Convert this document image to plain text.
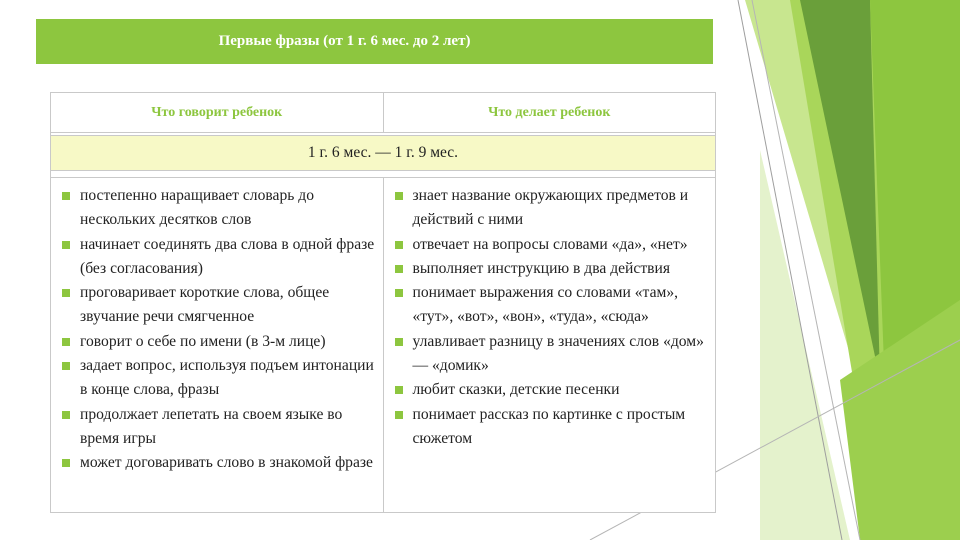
Первые фразы (от 1 г. 6 мес. до 2 лет)
Что говорит ребенок	Что делает ребенок
1 г. 6 мес. — 1 г. 9 мес.
постепенно наращивает словарь до нескольких десятков слов
начинает соединять два слова в одной фразе (без согласования)
проговаривает короткие слова, общее звучание речи смягченное
говорит о себе по имени (в 3-м лице)
задает вопрос, используя подъем интонации в конце слова, фразы
продолжает лепетать на своем языке во время игры
может договаривать слово в знакомой фразе
знает название окружающих предметов и действий с ними
отвечает на вопросы словами «да», «нет»
выполняет инструкцию в два действия
понимает выражения со словами «там», «тут», «вот», «вон», «туда», «сюда»
улавливает разницу в значениях слов «дом» — «домик»
любит сказки, детские песенки
понимает рассказ по картинке с простым сюжетом
